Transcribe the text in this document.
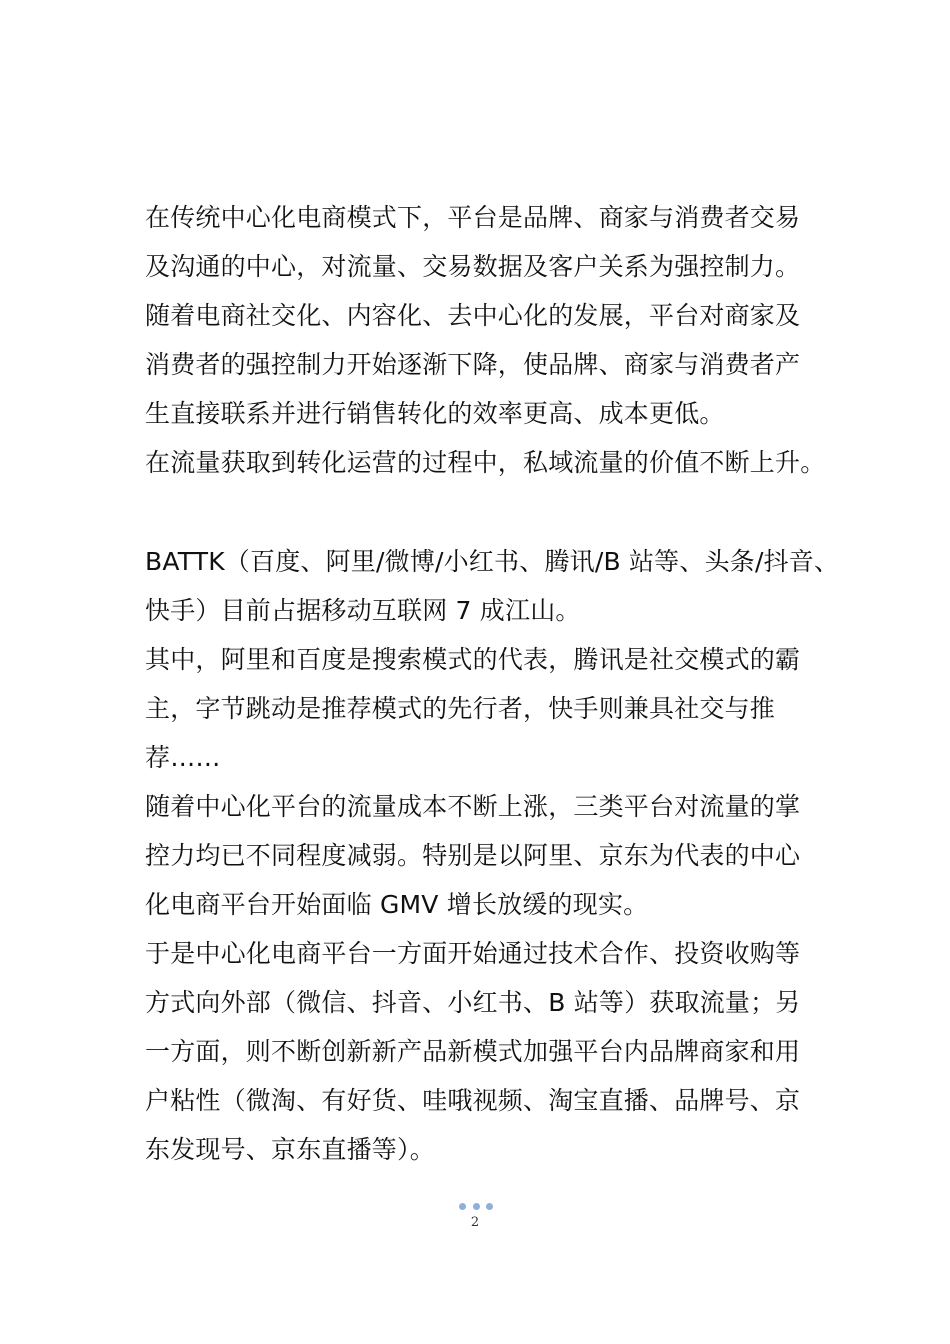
在传统中心化电商模式下，平台是品牌、商家与消费者交易
及沟通的中心，对流量、交易数据及客户关系为强控制力。
随着电商社交化、内容化、去中心化的发展，平台对商家及
消费者的强控制力开始逐渐下降，使品牌、商家与消费者产
生直接联系并进行销售转化的效率更高、成本更低。
在流量获取到转化运营的过程中，私域流量的价值不断上升。
BATTK（百度、阿里/微博/小红书、腾讯/B 站等、头条/抖音、
快手）目前占据移动互联网 7 成江山。
其中，阿里和百度是搜索模式的代表，腾讯是社交模式的霸
主，字节跳动是推荐模式的先行者，快手则兼具社交与推
荐……
随着中心化平台的流量成本不断上涨，三类平台对流量的掌
控力均已不同程度减弱。特别是以阿里、京东为代表的中心
化电商平台开始面临 GMV 增长放缓的现实。
于是中心化电商平台一方面开始通过技术合作、投资收购等
方式向外部（微信、抖音、小红书、B 站等）获取流量；另
一方面，则不断创新新产品新模式加强平台内品牌商家和用
户粘性（微淘、有好货、哇哦视频、淘宝直播、品牌号、京
东发现号、京东直播等）。
2
